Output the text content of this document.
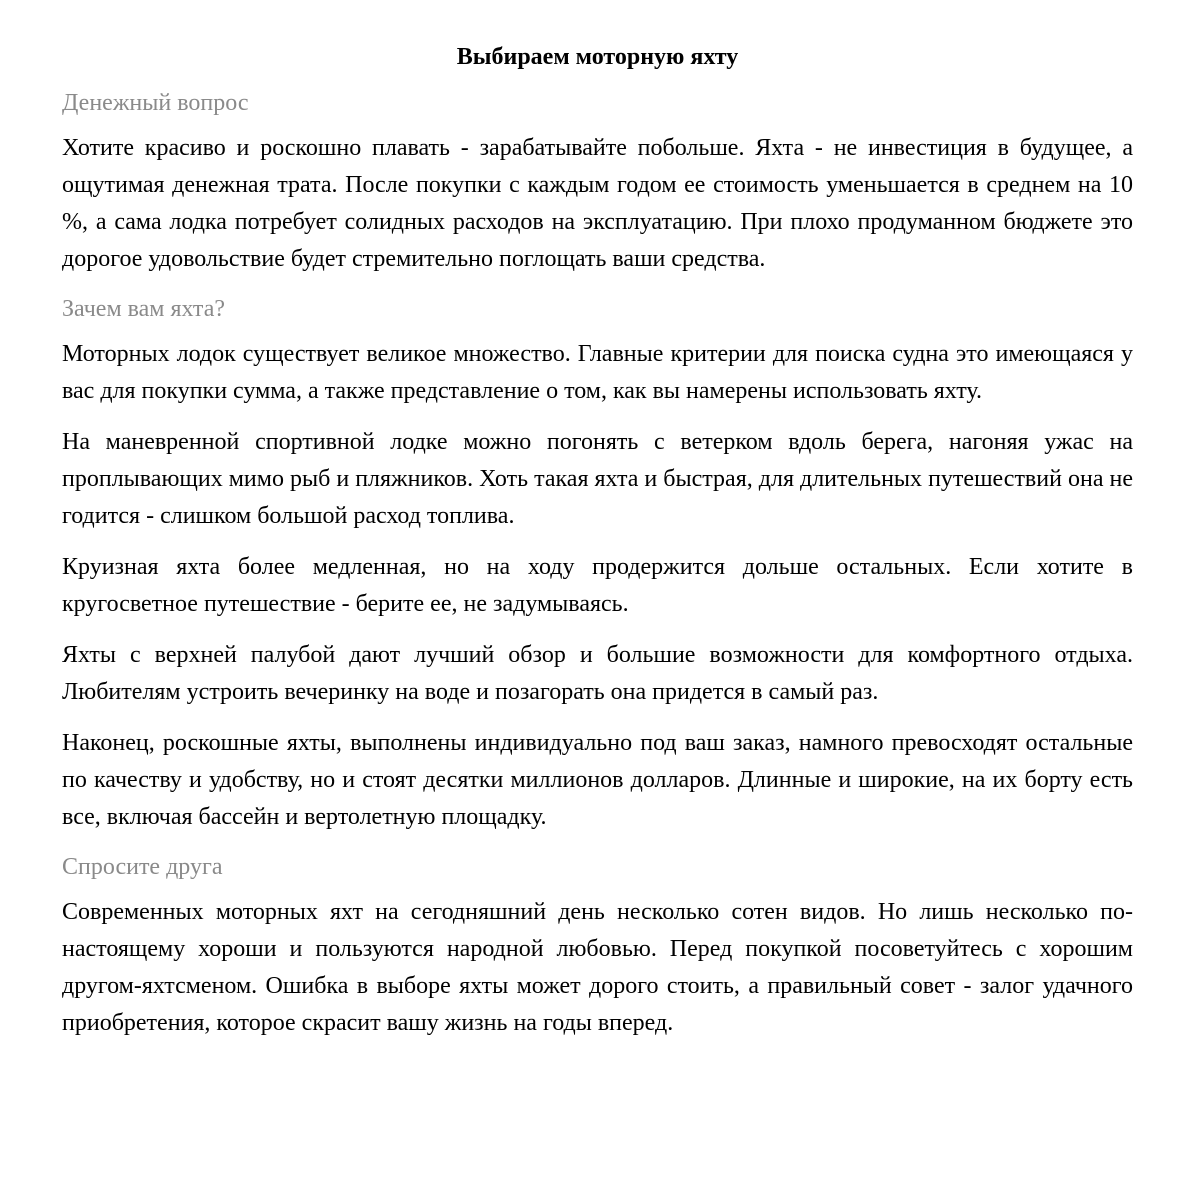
Выбираем моторную яхту
Денежный вопрос

Хотите красиво и роскошно плавать - зарабатывайте побольше. Яхта - не инвестиция в будущее, а ощутимая денежная трата. После покупки с каждым годом ее стоимость уменьшается в среднем на 10 %, а сама лодка потребует солидных расходов на эксплуатацию. При плохо продуманном бюджете это дорогое удовольствие будет стремительно поглощать ваши средства.

Зачем вам яхта?

Моторных лодок существует великое множество. Главные критерии для поиска судна это имеющаяся у вас для покупки сумма, а также представление о том, как вы намерены использовать яхту.

На маневренной спортивной лодке можно погонять с ветерком вдоль берега, нагоняя ужас на проплывающих мимо рыб и пляжников. Хоть такая яхта и быстрая, для длительных путешествий она не годится - слишком большой расход топлива.

Круизная яхта более медленная, но на ходу продержится дольше остальных. Если хотите в кругосветное путешествие - берите ее, не задумываясь.

Яхты с верхней палубой дают лучший обзор и большие возможности для комфортного отдыха. Любителям устроить вечеринку на воде и позагорать она придется в самый раз.

Наконец, роскошные яхты, выполнены индивидуально под ваш заказ, намного превосходят остальные по качеству и удобству, но и стоят десятки миллионов долларов. Длинные и широкие, на их борту есть все, включая бассейн и вертолетную площадку.

Спросите друга

Современных моторных яхт на сегодняшний день несколько сотен видов. Но лишь несколько по-настоящему хороши и пользуются народной любовью. Перед покупкой посоветуйтесь с хорошим другом-яхтсменом. Ошибка в выборе яхты может дорого стоить, а правильный совет - залог удачного приобретения, которое скрасит вашу жизнь на годы вперед.
